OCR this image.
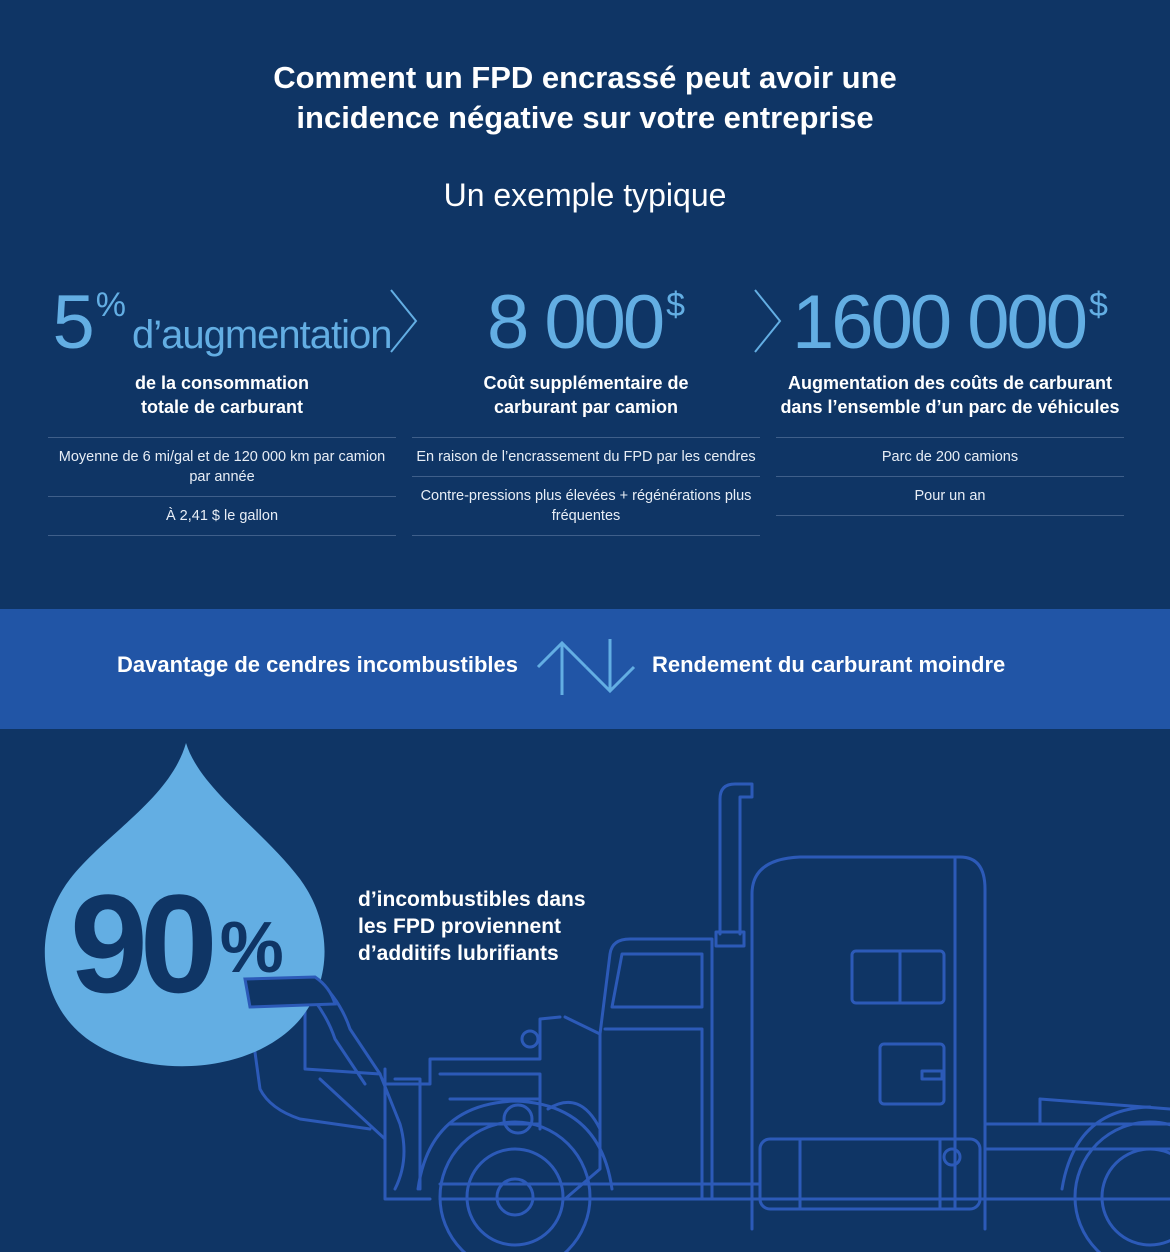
Comment un FPD encrassé peut avoir une
incidence négative sur votre entreprise
Un exemple typique
5 %d’augmentation
de la consommation
totale de carburant
Moyenne de 6 mi/gal et de 120 000 km par camion par année
À 2,41 $ le gallon
8 000 $
Coût supplémentaire de
carburant par camion
En raison de l’encrassement du FPD par les cendres
Contre-pressions plus élevées + régénérations plus fréquentes
1600 000 $
Augmentation des coûts de carburant
dans l’ensemble d’un parc de véhicules
Parc de 200 camions
Pour un an
Davantage de cendres incombustibles	Rendement du carburant moindre
90 %
d’incombustibles dans
les FPD proviennent
d’additifs lubrifiants
